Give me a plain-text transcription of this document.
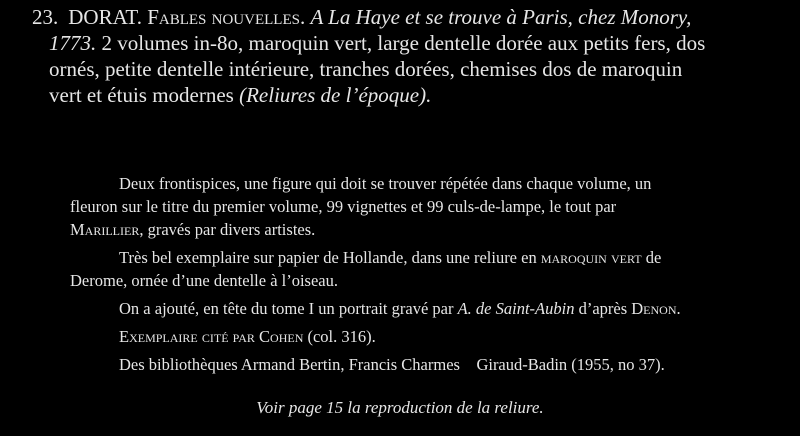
23. DORAT. Fables nouvelles. A La Haye et se trouve à Paris, chez Monory,
1773. 2 volumes in-8o, maroquin vert, large dentelle dorée aux petits fers, dos
ornés, petite dentelle intérieure, tranches dorées, chemises dos de maroquin
vert et étuis modernes (Reliures de l’époque).
Deux frontispices, une figure qui doit se trouver répétée dans chaque volume, un
fleuron sur le titre du premier volume, 99 vignettes et 99 culs-de-lampe, le tout par
Marillier, gravés par divers artistes.
Très bel exemplaire sur papier de Hollande, dans une reliure en maroquin vert de
Derome, ornée d’une dentelle à l’oiseau.
On a ajouté, en tête du tome I un portrait gravé par A. de Saint-Aubin d’après Denon.
Exemplaire cité par Cohen (col. 316).
Des bibliothèques Armand Bertin, Francis Charmes    Giraud-Badin (1955, no 37).
Voir page 15 la reproduction de la reliure.
